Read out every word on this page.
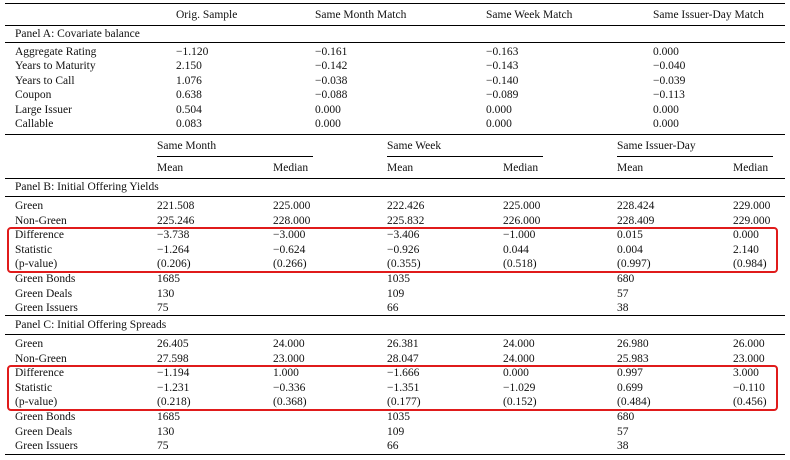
Orig. Sample	Same Month Match	Same Week Match	Same Issuer-Day Match
Panel A: Covariate balance
Aggregate Rating	−1.120	−0.161	−0.163	0.000
Years to Maturity	2.150	−0.142	−0.143	−0.040
Years to Call	1.076	−0.038	−0.140	−0.039
Coupon	0.638	−0.088	−0.089	−0.113
Large Issuer	0.504	0.000	0.000	0.000
Callable	0.083	0.000	0.000	0.000
Same Month	Same Week	Same Issuer-Day
Mean	Median	Mean	Median	Mean	Median
Panel B: Initial Offering Yields
Green	221.508	225.000	222.426	225.000	228.424	229.000
Non-Green	225.246	228.000	225.832	226.000	228.409	229.000
Difference	−3.738	−3.000	−3.406	−1.000	0.015	0.000
Statistic	−1.264	−0.624	−0.926	0.044	0.004	2.140
(p-value)	(0.206)	(0.266)	(0.355)	(0.518)	(0.997)	(0.984)
Green Bonds	1685	1035	680
Green Deals	130	109	57
Green Issuers	75	66	38
Panel C: Initial Offering Spreads
Green	26.405	24.000	26.381	24.000	26.980	26.000
Non-Green	27.598	23.000	28.047	24.000	25.983	23.000
Difference	−1.194	1.000	−1.666	0.000	0.997	3.000
Statistic	−1.231	−0.336	−1.351	−1.029	0.699	−0.110
(p-value)	(0.218)	(0.368)	(0.177)	(0.152)	(0.484)	(0.456)
Green Bonds	1685	1035	680
Green Deals	130	109	57
Green Issuers	75	66	38
